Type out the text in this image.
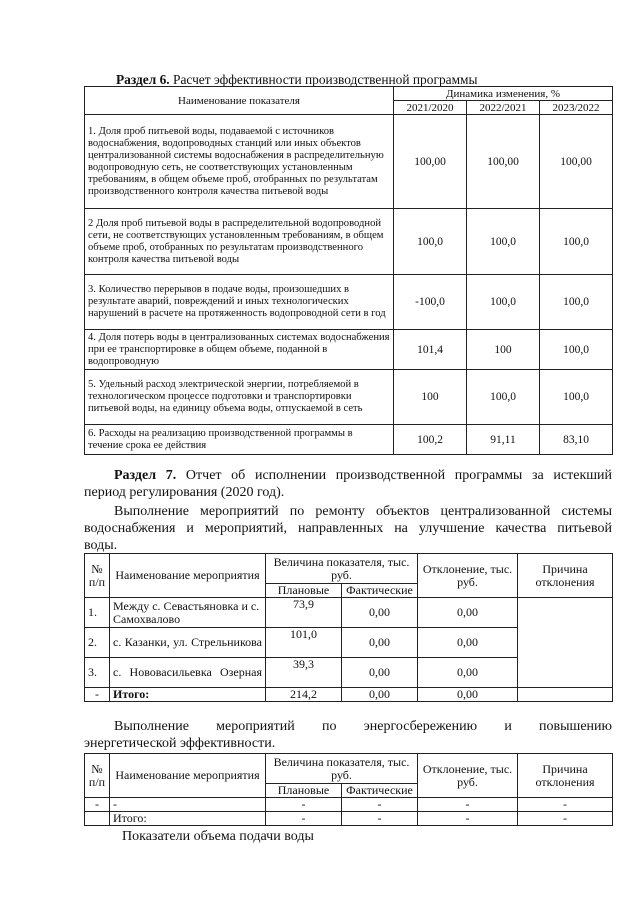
Раздел 6. Расчет эффективности производственной программы
Наименование показателя	Динамика изменения, %		
	2021/2020	2022/2021	2023/2022
1. Доля проб питьевой воды, подаваемой с источников водоснабжения, водопроводных станций или иных объектов централизованной системы водоснабжения в распределительную водопроводную сеть, не соответствующих установленным требованиям, в общем объеме проб, отобранных по результатам производственного контроля качества питьевой воды	100,00	100,00	100,00
2 Доля проб питьевой воды в распределительной водопроводной сети, не соответствующих установленным требованиям, в общем объеме проб, отобранных по результатам производственного контроля качества питьевой воды	100,0	100,0	100,0
3. Количество перерывов в подаче воды, произошедших в результате аварий, повреждений и иных технологических нарушений в расчете на протяженность водопроводной сети в год	-100,0	100,0	100,0
4. Доля потерь воды в централизованных системах водоснабжения при ее транспортировке в общем объеме, поданной в водопроводную	101,4	100	100,0
5. Удельный расход электрической энергии, потребляемой в технологическом процессе подготовки и транспортировки питьевой воды, на единицу объема воды, отпускаемой в сеть	100	100,0	100,0
6. Расходы на реализацию производственной программы в течение срока ее действия	100,2	91,11	83,10
Раздел 7. Отчет об исполнении производственной программы за истекший
период регулирования (2020 год).
Выполнение мероприятий по ремонту объектов централизованной системы
водоснабжения и мероприятий, направленных на улучшение качества питьевой
воды.
№ п/п	Наименование мероприятия	Величина показателя, тыс. руб.		Отклонение, тыс. руб.	Причина отклонения
		Плановые	Фактические		
1.	Между с. Севастьяновка и с. Самохвалово	73,9	0,00	0,00	
2.	с. Казанки, ул. Стрельникова	101,0	0,00	0,00	
3.	с. Нововасильевка Озерная	39,3	0,00	0,00	
-	Итого:	214,2	0,00	0,00	
Выполнение мероприятий по энергосбережению и повышению
энергетической эффективности.
№ п/п	Наименование мероприятия	Величина показателя, тыс. руб.		Отклонение, тыс. руб.	Причина отклонения
		Плановые	Фактические		
-	-	-	-	-	-
	Итого:	-	-	-	-
Показатели объема подачи воды
